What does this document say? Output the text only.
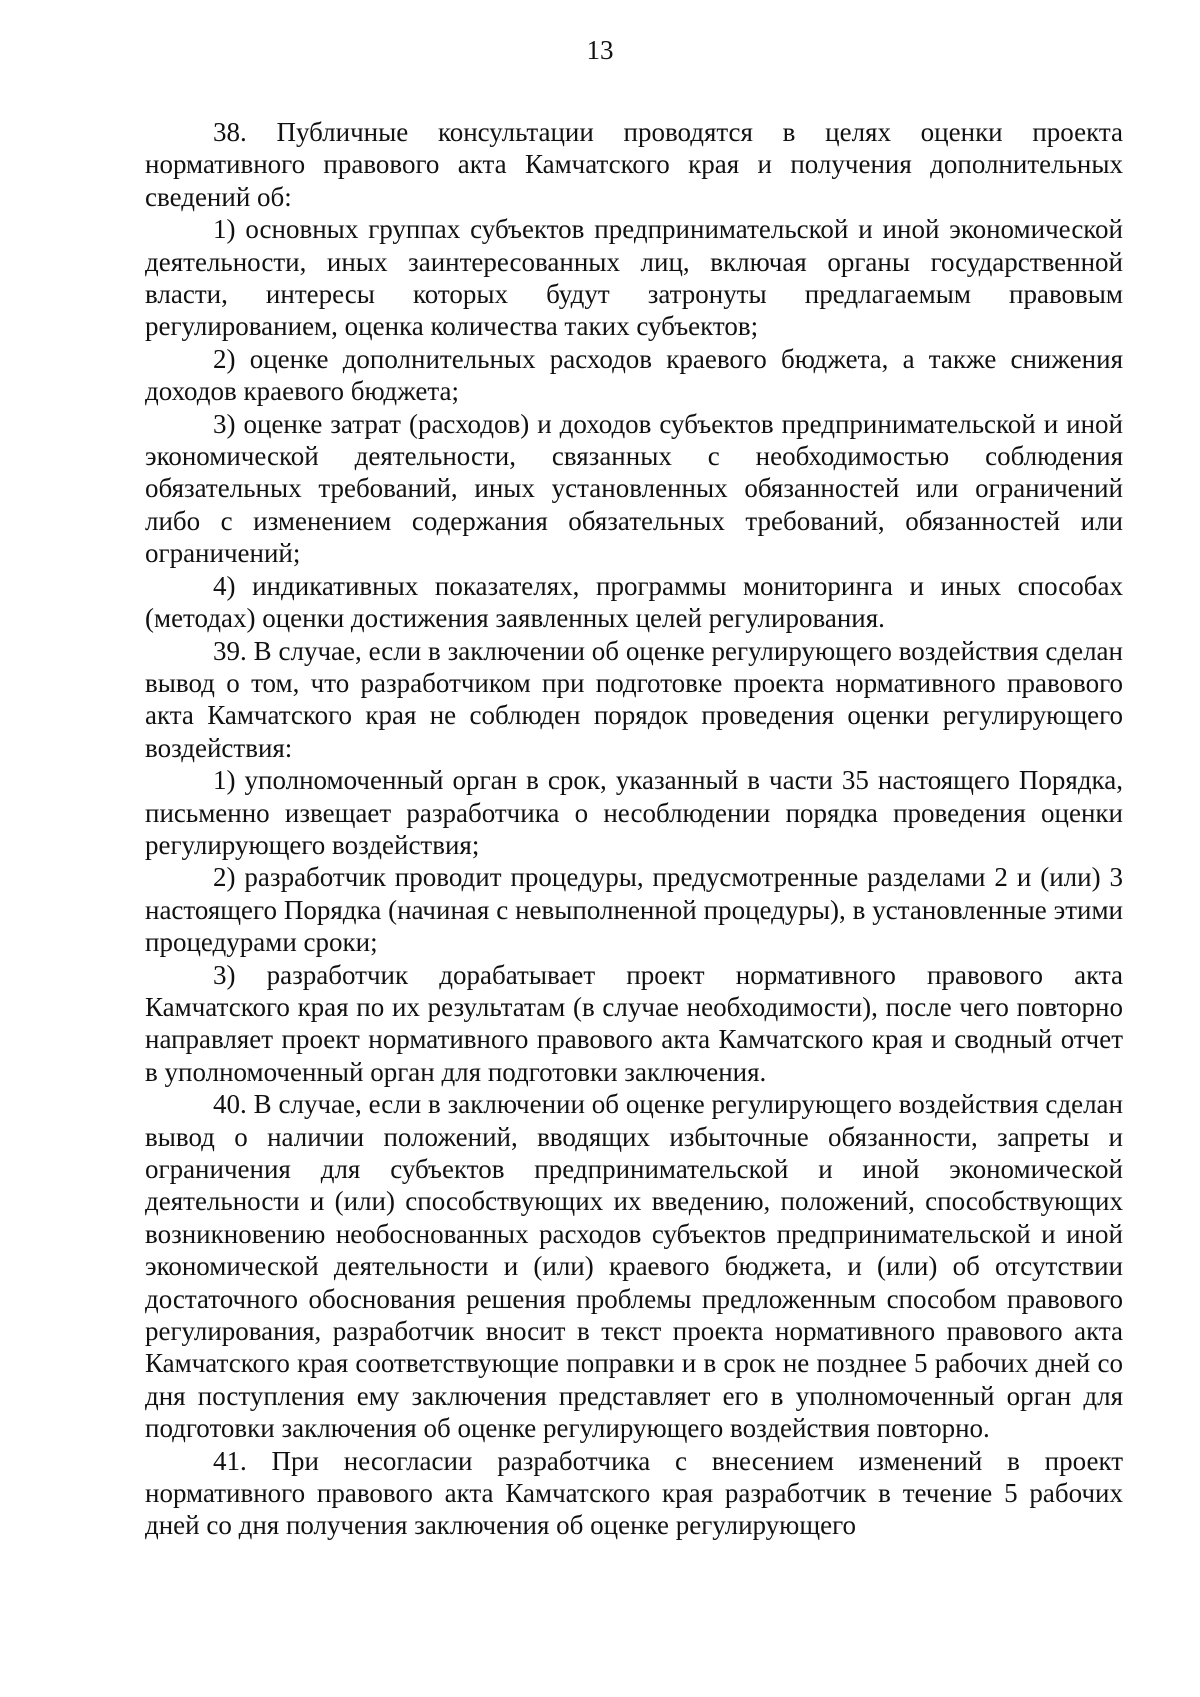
13

38. Публичные консультации проводятся в целях оценки проекта нормативного правового акта Камчатского края и получения дополнительных сведений об:

1) основных группах субъектов предпринимательской и иной экономической деятельности, иных заинтересованных лиц, включая органы государственной власти, интересы которых будут затронуты предлагаемым правовым регулированием, оценка количества таких субъектов;

2) оценке дополнительных расходов краевого бюджета, а также снижения доходов краевого бюджета;

3) оценке затрат (расходов) и доходов субъектов предпринимательской и иной экономической деятельности, связанных с необходимостью соблюдения обязательных требований, иных установленных обязанностей или ограничений либо с изменением содержания обязательных требований, обязанностей или ограничений;

4) индикативных показателях, программы мониторинга и иных способах (методах) оценки достижения заявленных целей регулирования.

39. В случае, если в заключении об оценке регулирующего воздействия сделан вывод о том, что разработчиком при подготовке проекта нормативного правового акта Камчатского края не соблюден порядок проведения оценки регулирующего воздействия:

1) уполномоченный орган в срок, указанный в части 35 настоящего Порядка, письменно извещает разработчика о несоблюдении порядка проведения оценки регулирующего воздействия;

2) разработчик проводит процедуры, предусмотренные разделами 2 и (или) 3 настоящего Порядка (начиная с невыполненной процедуры), в установленные этими процедурами сроки;

3) разработчик дорабатывает проект нормативного правового акта Камчатского края по их результатам (в случае необходимости), после чего повторно направляет проект нормативного правового акта Камчатского края и сводный отчет в уполномоченный орган для подготовки заключения.

40. В случае, если в заключении об оценке регулирующего воздействия сделан вывод о наличии положений, вводящих избыточные обязанности, запреты и ограничения для субъектов предпринимательской и иной экономической деятельности и (или) способствующих их введению, положений, способствующих возникновению необоснованных расходов субъектов предпринимательской и иной экономической деятельности и (или) краевого бюджета, и (или) об отсутствии достаточного обоснования решения проблемы предложенным способом правового регулирования, разработчик вносит в текст проекта нормативного правового акта Камчатского края соответствующие поправки и в срок не позднее 5 рабочих дней со дня поступления ему заключения представляет его в уполномоченный орган для подготовки заключения об оценке регулирующего воздействия повторно.

41. При несогласии разработчика с внесением изменений в проект нормативного правового акта Камчатского края разработчик в течение 5 рабочих дней со дня получения заключения об оценке регулирующего
